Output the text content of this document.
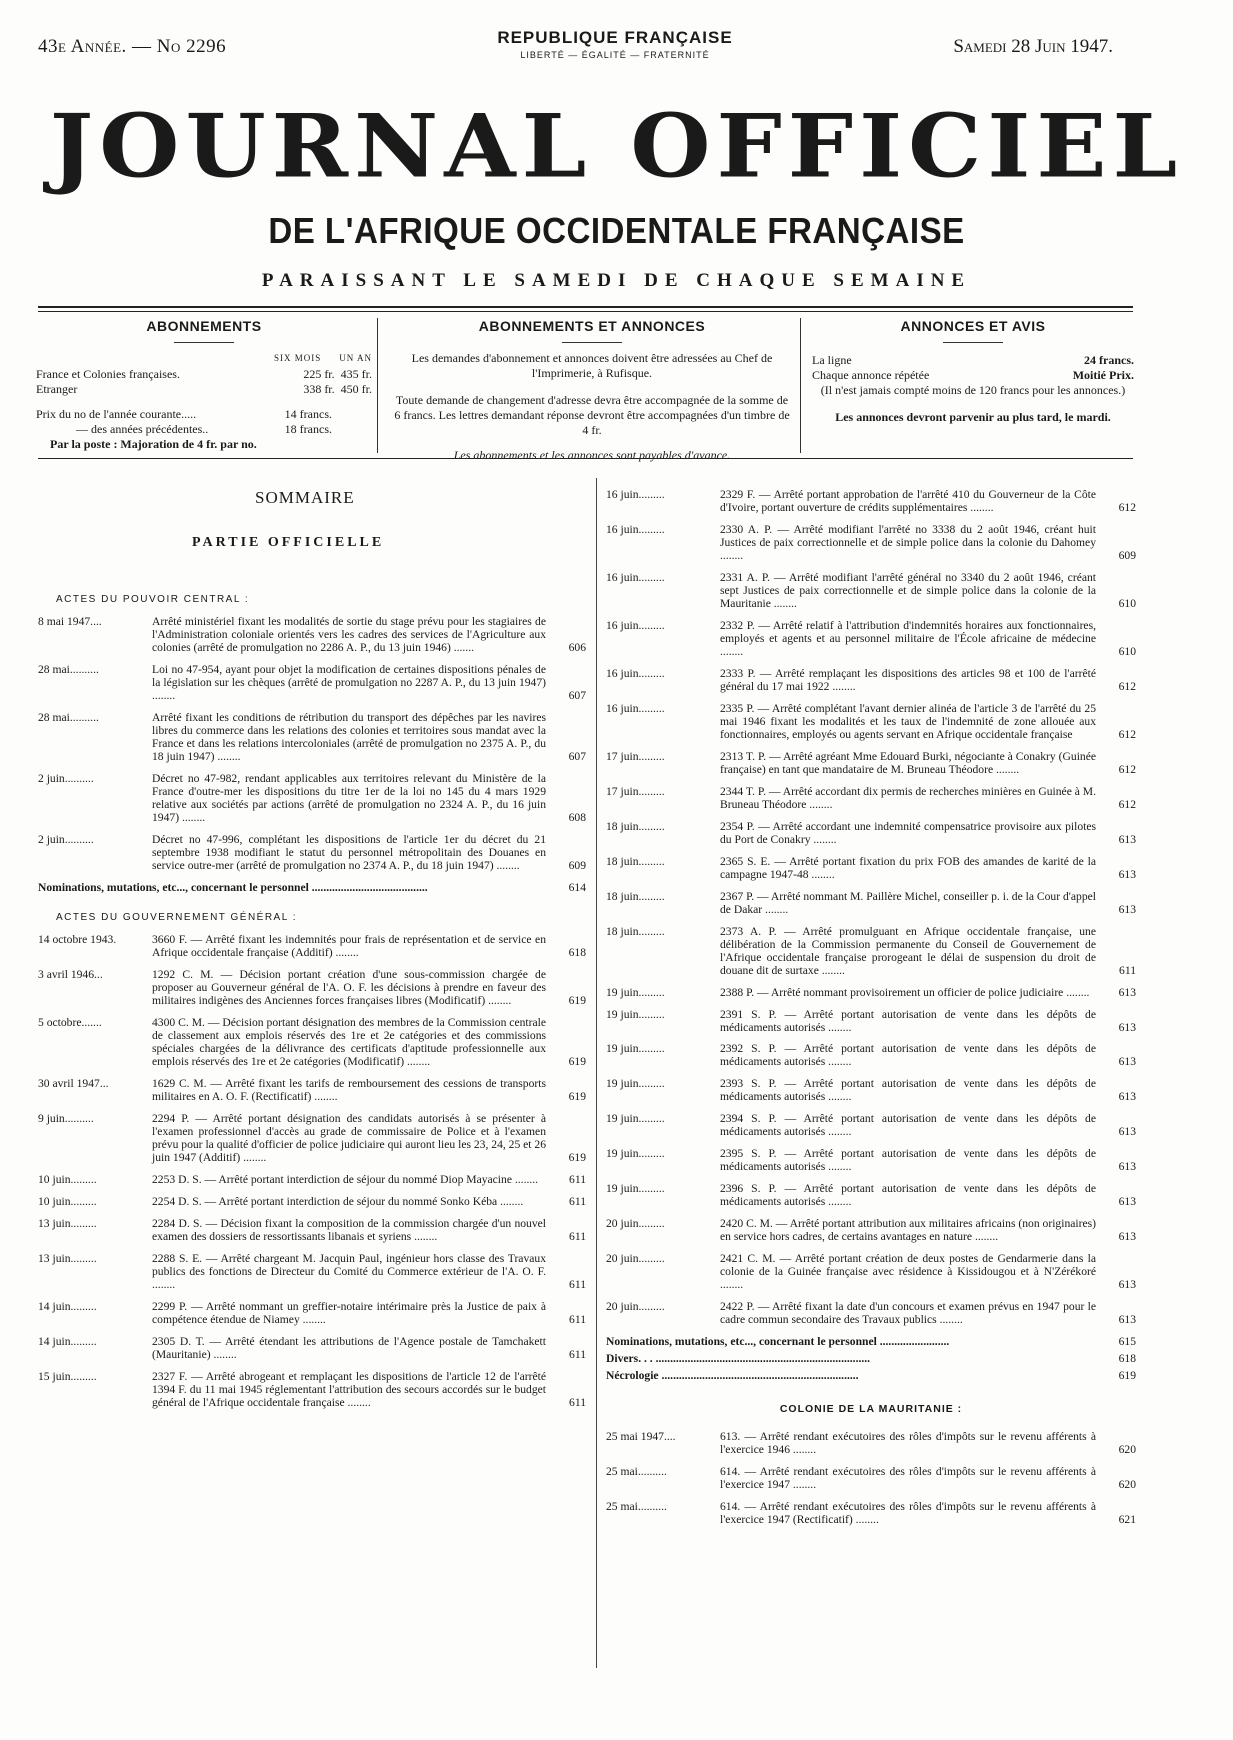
43e Année. — No 2296	REPUBLIQUE FRANÇAISE
LIBERTÉ — ÉGALITÉ — FRATERNITÉ	Samedi 28 Juin 1947.
JOURNAL OFFICIEL
DE L'AFRIQUE OCCIDENTALE FRANÇAISE
PARAISSANT LE SAMEDI DE CHAQUE SEMAINE
ABONNEMENTS
SIX MOIS UN AN
France et Colonies françaises.	225 fr. 435 fr.
Etranger	338 fr. 450 fr.
Prix du no de l'année courante.....	14 francs.
— des années précédentes..	18 francs.
Par la poste : Majoration de 4 fr. par no.
ABONNEMENTS ET ANNONCES
Les demandes d'abonnement et annonces doivent être adressées au Chef de l'Imprimerie, à Rufisque.
Toute demande de changement d'adresse devra être accompagnée de la somme de 6 francs. Les lettres demandant réponse devront être accompagnées d'un timbre de 4 fr.
Les abonnements et les annonces sont payables d'avance.
ANNONCES ET AVIS
La ligne	24 francs.
Chaque annonce répétée	Moitié Prix.
(Il n'est jamais compté moins de 120 francs pour les annonces.)
Les annonces devront parvenir au plus tard, le mardi.
SOMMAIRE
PARTIE OFFICIELLE
ACTES DU POUVOIR CENTRAL :
8 mai 1947....	Arrêté ministériel fixant les modalités de sortie du stage prévu pour les stagiaires de l'Administration coloniale orientés vers les cadres des services de l'Agriculture aux colonies (arrêté de promulgation no 2286 A. P., du 13 juin 1946) .......	606
28 mai..........	Loi no 47-954, ayant pour objet la modification de certaines dispositions pénales de la législation sur les chèques (arrêté de promulgation no 2287 A. P., du 13 juin 1947) ........	607
28 mai..........	Arrêté fixant les conditions de rétribution du transport des dépêches par les navires libres du commerce dans les relations des colonies et territoires sous mandat avec la France et dans les relations intercoloniales (arrêté de promulgation no 2375 A. P., du 18 juin 1947) ........	607
2 juin..........	Décret no 47-982, rendant applicables aux territoires relevant du Ministère de la France d'outre-mer les dispositions du titre 1er de la loi no 145 du 4 mars 1929 relative aux sociétés par actions (arrêté de promulgation no 2324 A. P., du 16 juin 1947) ........	608
2 juin..........	Décret no 47-996, complétant les dispositions de l'article 1er du décret du 21 septembre 1938 modifiant le statut du personnel métropolitain des Douanes en service outre-mer (arrêté de promulgation no 2374 A. P., du 18 juin 1947) ........	609
Nominations, mutations, etc..., concernant le personnel ........................................	614
ACTES DU GOUVERNEMENT GÉNÉRAL :
14 octobre 1943.	3660 F. — Arrêté fixant les indemnités pour frais de représentation et de service en Afrique occidentale française (Additif) ........	618
3 avril 1946...	1292 C. M. — Décision portant création d'une sous-commission chargée de proposer au Gouverneur général de l'A. O. F. les décisions à prendre en faveur des militaires indigènes des Anciennes forces françaises libres (Modificatif) ........	619
5 octobre.......	4300 C. M. — Décision portant désignation des membres de la Commission centrale de classement aux emplois réservés des 1re et 2e catégories et des commissions spéciales chargées de la délivrance des certificats d'aptitude professionnelle aux emplois réservés des 1re et 2e catégories (Modificatif) ........	619
30 avril 1947...	1629 C. M. — Arrêté fixant les tarifs de remboursement des cessions de transports militaires en A. O. F. (Rectificatif) ........	619
9 juin..........	2294 P. — Arrêté portant désignation des candidats autorisés à se présenter à l'examen professionnel d'accès au grade de commissaire de Police et à l'examen prévu pour la qualité d'officier de police judiciaire qui auront lieu les 23, 24, 25 et 26 juin 1947 (Additif) ........	619
10 juin.........	2253 D. S. — Arrêté portant interdiction de séjour du nommé Diop Mayacine ........	611
10 juin.........	2254 D. S. — Arrêté portant interdiction de séjour du nommé Sonko Kéba ........	611
13 juin.........	2284 D. S. — Décision fixant la composition de la commission chargée d'un nouvel examen des dossiers de ressortissants libanais et syriens ........	611
13 juin.........	2288 S. E. — Arrêté chargeant M. Jacquin Paul, ingénieur hors classe des Travaux publics des fonctions de Directeur du Comité du Commerce extérieur de l'A. O. F. ........	611
14 juin.........	2299 P. — Arrêté nommant un greffier-notaire intérimaire près la Justice de paix à compétence étendue de Niamey ........	611
14 juin.........	2305 D. T. — Arrêté étendant les attributions de l'Agence postale de Tamchakett (Mauritanie) ........	611
15 juin.........	2327 F. — Arrêté abrogeant et remplaçant les dispositions de l'article 12 de l'arrêté 1394 F. du 11 mai 1945 réglementant l'attribution des secours accordés sur le budget général de l'Afrique occidentale française ........	611
16 juin.........	2329 F. — Arrêté portant approbation de l'arrêté 410 du Gouverneur de la Côte d'Ivoire, portant ouverture de crédits supplémentaires ........	612
16 juin.........	2330 A. P. — Arrêté modifiant l'arrêté no 3338 du 2 août 1946, créant huit Justices de paix correctionnelle et de simple police dans la colonie du Dahomey ........	609
16 juin.........	2331 A. P. — Arrêté modifiant l'arrêté général no 3340 du 2 août 1946, créant sept Justices de paix correctionnelle et de simple police dans la colonie de la Mauritanie ........	610
16 juin.........	2332 P. — Arrêté relatif à l'attribution d'indemnités horaires aux fonctionnaires, employés et agents et au personnel militaire de l'École africaine de médecine ........	610
16 juin.........	2333 P. — Arrêté remplaçant les dispositions des articles 98 et 100 de l'arrêté général du 17 mai 1922 ........	612
16 juin.........	2335 P. — Arrêté complétant l'avant dernier alinéa de l'article 3 de l'arrêté du 25 mai 1946 fixant les modalités et les taux de l'indemnité de zone allouée aux fonctionnaires, employés ou agents servant en Afrique occidentale française	612
17 juin.........	2313 T. P. — Arrêté agréant Mme Edouard Burki, négociante à Conakry (Guinée française) en tant que mandataire de M. Bruneau Théodore ........	612
17 juin.........	2344 T. P. — Arrêté accordant dix permis de recherches minières en Guinée à M. Bruneau Théodore ........	612
18 juin.........	2354 P. — Arrêté accordant une indemnité compensatrice provisoire aux pilotes du Port de Conakry ........	613
18 juin.........	2365 S. E. — Arrêté portant fixation du prix FOB des amandes de karité de la campagne 1947-48 ........	613
18 juin.........	2367 P. — Arrêté nommant M. Paillère Michel, conseiller p. i. de la Cour d'appel de Dakar ........	613
18 juin.........	2373 A. P. — Arrêté promulguant en Afrique occidentale française, une délibération de la Commission permanente du Conseil de Gouvernement de l'Afrique occidentale française prorogeant le délai de suspension du droit de douane dit de surtaxe ........	611
19 juin.........	2388 P. — Arrêté nommant provisoirement un officier de police judiciaire ........	613
19 juin.........	2391 S. P. — Arrêté portant autorisation de vente dans les dépôts de médicaments autorisés ........	613
19 juin.........	2392 S. P. — Arrêté portant autorisation de vente dans les dépôts de médicaments autorisés ........	613
19 juin.........	2393 S. P. — Arrêté portant autorisation de vente dans les dépôts de médicaments autorisés ........	613
19 juin.........	2394 S. P. — Arrêté portant autorisation de vente dans les dépôts de médicaments autorisés ........	613
19 juin.........	2395 S. P. — Arrêté portant autorisation de vente dans les dépôts de médicaments autorisés ........	613
19 juin.........	2396 S. P. — Arrêté portant autorisation de vente dans les dépôts de médicaments autorisés ........	613
20 juin.........	2420 C. M. — Arrêté portant attribution aux militaires africains (non originaires) en service hors cadres, de certains avantages en nature ........	613
20 juin.........	2421 C. M. — Arrêté portant création de deux postes de Gendarmerie dans la colonie de la Guinée française avec résidence à Kissidougou et à N'Zérékoré ........	613
20 juin.........	2422 P. — Arrêté fixant la date d'un concours et examen prévus en 1947 pour le cadre commun secondaire des Travaux publics ........	613
Nominations, mutations, etc..., concernant le personnel ........................	615
Divers. . . ..........................................................................	618
Nécrologie ....................................................................	619
COLONIE DE LA MAURITANIE :
25 mai 1947....	613. — Arrêté rendant exécutoires des rôles d'impôts sur le revenu afférents à l'exercice 1946 ........	620
25 mai..........	614. — Arrêté rendant exécutoires des rôles d'impôts sur le revenu afférents à l'exercice 1947 ........	620
25 mai..........	614. — Arrêté rendant exécutoires des rôles d'impôts sur le revenu afférents à l'exercice 1947 (Rectificatif) ........	621
